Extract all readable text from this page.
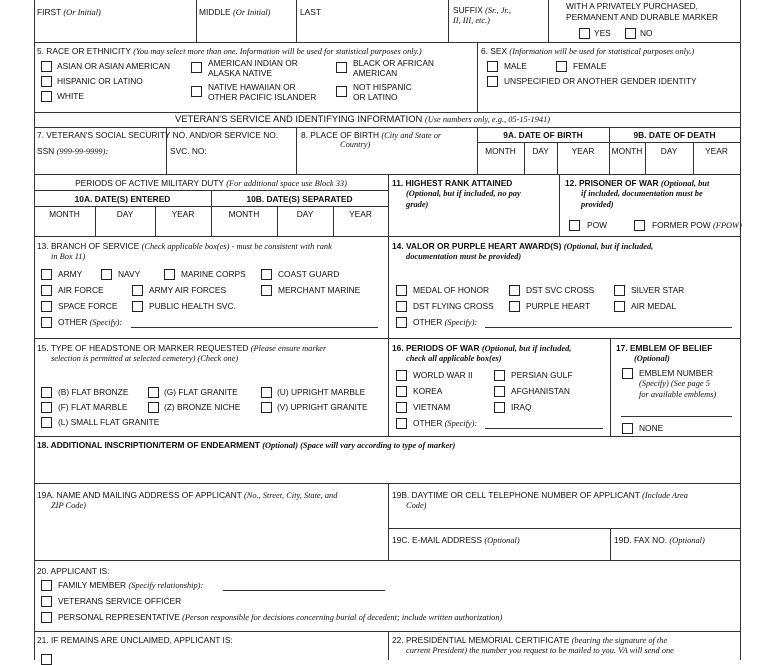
FIRST (Or Initial)	MIDDLE (Or Initial)	LAST	SUFFIX (Sr., Jr.,
II, III, etc.)
WITH A PRIVATELY PURCHASED,
PERMANENT AND DURABLE MARKER
YES	NO
5. RACE OR ETHNICITY (You may select more than one. Information will be used for statistical purposes only.)
ASIAN OR ASIAN AMERICAN
HISPANIC OR LATINO
WHITE
AMERICAN INDIAN OR
ALASKA NATIVE
NATIVE HAWAIIAN OR
OTHER PACIFIC ISLANDER
BLACK OR AFRICAN
AMERICAN
NOT HISPANIC
OR LATINO
6. SEX (Information will be used for statistical purposes only.)
MALE	FEMALE
UNSPECIFIED OR ANOTHER GENDER IDENTITY
VETERAN'S SERVICE AND IDENTIFYING INFORMATION (Use numbers only, e.g., 05-15-1941)
7. VETERAN'S SOCIAL SECURITY NO. AND/OR SERVICE NO.
SSN (999-99-9999):	SVC. NO:
8. PLACE OF BIRTH (City and State or
Country)
9A. DATE OF BIRTH	9B. DATE OF DEATH
MONTH	DAY	YEAR	MONTH	DAY	YEAR
PERIODS OF ACTIVE MILITARY DUTY (For additional space use Block 33)
10A. DATE(S) ENTERED	10B. DATE(S) SEPARATED
MONTH	DAY	YEAR	MONTH	DAY	YEAR
11. HIGHEST RANK ATTAINED
(Optional, but if included, no pay
grade)
12. PRISONER OF WAR (Optional, but
if included, documentation must be
provided)
POW	FORMER POW (FPOW)
13. BRANCH OF SERVICE (Check applicable box(es) - must be consistent with rank
in Box 11)
ARMY	NAVY	MARINE CORPS	COAST GUARD
AIR FORCE	ARMY AIR FORCES	MERCHANT MARINE
SPACE FORCE	PUBLIC HEALTH SVC.
OTHER (Specify):
14. VALOR OR PURPLE HEART AWARD(S) (Optional, but if included,
documentation must be provided)
MEDAL OF HONOR	DST SVC CROSS	SILVER STAR
DST FLYING CROSS	PURPLE HEART	AIR MEDAL
OTHER (Specify):
15. TYPE OF HEADSTONE OR MARKER REQUESTED (Please ensure marker
selection is permitted at selected cemetery) (Check one)
(B) FLAT BRONZE
(F) FLAT MARBLE
(L) SMALL FLAT GRANITE
(G) FLAT GRANITE
(Z) BRONZE NICHE
(U) UPRIGHT MARBLE
(V) UPRIGHT GRANITE
16. PERIODS OF WAR (Optional, but if included,
check all applicable box(es)
WORLD WAR II	PERSIAN GULF
KOREA	AFGHANISTAN
VIETNAM	IRAQ
OTHER (Specify):
17. EMBLEM OF BELIEF
(Optional)
EMBLEM NUMBER
(Specify) (See page 5
for available emblems)
NONE
18. ADDITIONAL INSCRIPTION/TERM OF ENDEARMENT (Optional) (Space will vary according to type of marker)
19A. NAME AND MAILING ADDRESS OF APPLICANT (No., Street, City, State, and
ZIP Code)
19B. DAYTIME OR CELL TELEPHONE NUMBER OF APPLICANT (Include Area
Code)
19C. E-MAIL ADDRESS (Optional)	19D. FAX NO. (Optional)
20. APPLICANT IS:
FAMILY MEMBER (Specify relationship):
VETERANS SERVICE OFFICER
PERSONAL REPRESENTATIVE (Person responsible for decisions concerning burial of decedent; include written authorization)
21. IF REMAINS ARE UNCLAIMED, APPLICANT IS:	22. PRESIDENTIAL MEMORIAL CERTIFICATE (bearing the signature of the
current President) the number you request to be mailed to you. VA will send one
